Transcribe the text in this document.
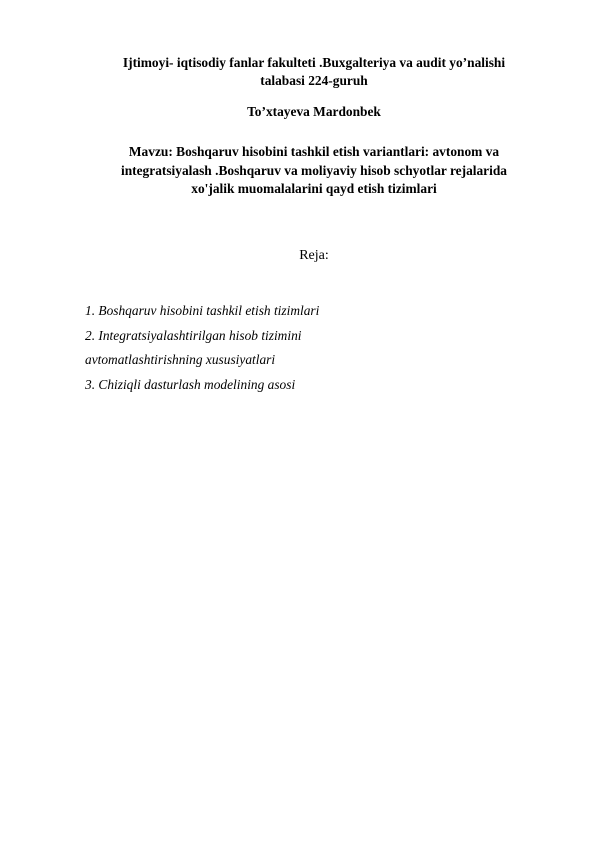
Ijtimoyi- iqtisodiy fanlar fakulteti .Buxgalteriya va audit yo’nalishi
talabasi 224-guruh
To’xtayeva Mardonbek
Mavzu: Boshqaruv hisobini tashkil etish variantlari: avtonom va
integratsiyalash .Boshqaruv va moliyaviy hisob schyotlar rejalarida
xo'jalik muomalalarini qayd etish tizimlari
Reja:
1. Boshqaruv hisobini tashkil etish tizimlari
2. Integratsiyalashtirilgan hisob tizimini
avtomatlashtirishning xususiyatlari
3. Chiziqli dasturlash modelining asosi
